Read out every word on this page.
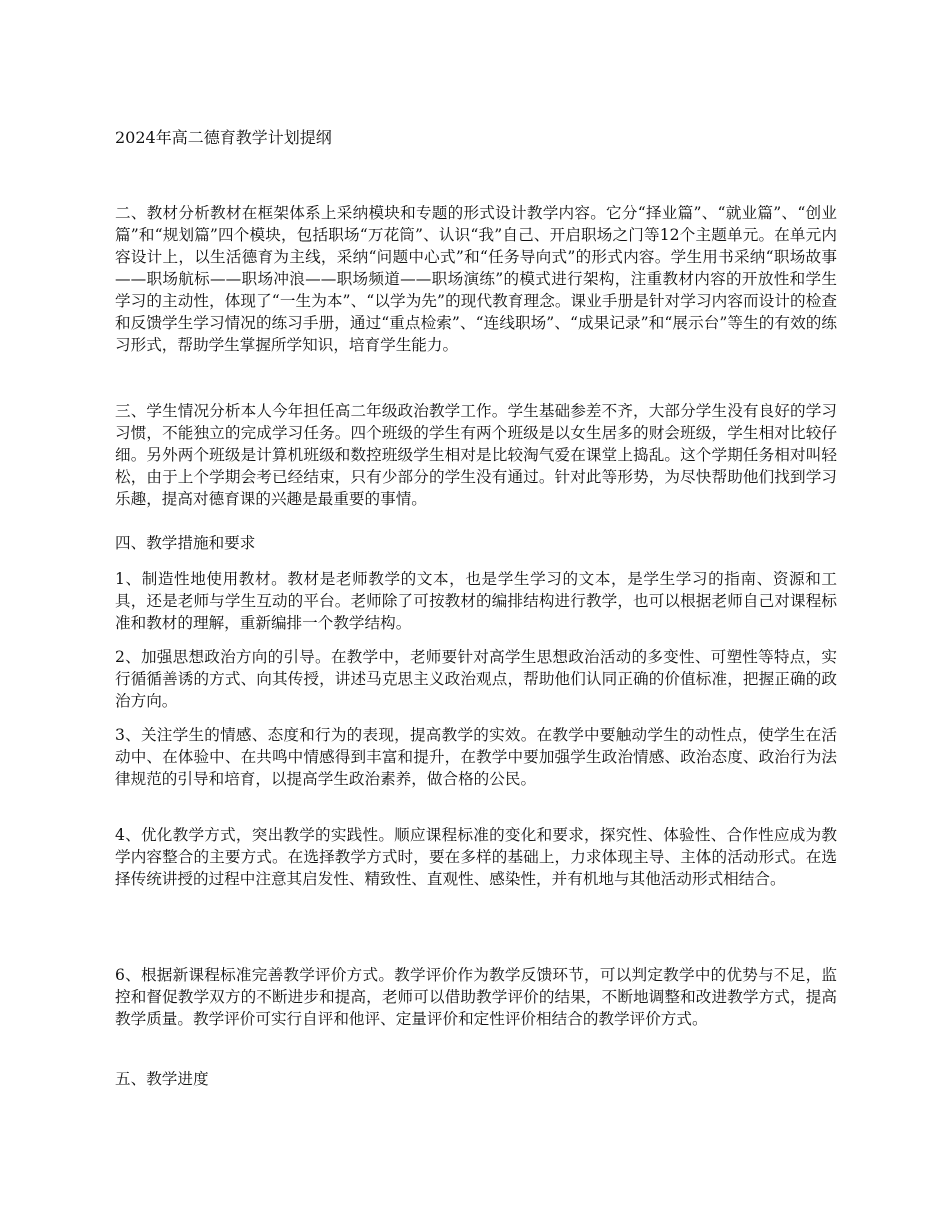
2024年高二德育教学计划提纲

二、教材分析教材在框架体系上采纳模块和专题的形式设计教学内容。它分“择业篇”、“就业篇”、“创业篇”和“规划篇”四个模块，包括职场“万花筒”、认识“我”自己、开启职场之门等12个主题单元。在单元内容设计上，以生活德育为主线，采纳“问题中心式”和“任务导向式”的形式内容。学生用书采纳“职场故事——职场航标——职场冲浪——职场频道——职场演练”的模式进行架构，注重教材内容的开放性和学生学习的主动性，体现了“一生为本”、“以学为先”的现代教育理念。课业手册是针对学习内容而设计的检查和反馈学生学习情况的练习手册，通过“重点检索”、“连线职场”、“成果记录”和“展示台”等生的有效的练习形式，帮助学生掌握所学知识，培育学生能力。

三、学生情况分析本人今年担任高二年级政治教学工作。学生基础参差不齐，大部分学生没有良好的学习习惯，不能独立的完成学习任务。四个班级的学生有两个班级是以女生居多的财会班级，学生相对比较仔细。另外两个班级是计算机班级和数控班级学生相对是比较淘气爱在课堂上捣乱。这个学期任务相对叫轻松，由于上个学期会考已经结束，只有少部分的学生没有通过。针对此等形势，为尽快帮助他们找到学习乐趣，提高对德育课的兴趣是最重要的事情。

四、教学措施和要求

1、制造性地使用教材。教材是老师教学的文本，也是学生学习的文本，是学生学习的指南、资源和工具，还是老师与学生互动的平台。老师除了可按教材的编排结构进行教学，也可以根据老师自己对课程标准和教材的理解，重新编排一个教学结构。

2、加强思想政治方向的引导。在教学中，老师要针对高学生思想政治活动的多变性、可塑性等特点，实行循循善诱的方式、向其传授，讲述马克思主义政治观点，帮助他们认同正确的价值标准，把握正确的政治方向。

3、关注学生的情感、态度和行为的表现，提高教学的实效。在教学中要触动学生的动性点，使学生在活动中、在体验中、在共鸣中情感得到丰富和提升，在教学中要加强学生政治情感、政治态度、政治行为法律规范的引导和培育，以提高学生政治素养，做合格的公民。

4、优化教学方式，突出教学的实践性。顺应课程标准的变化和要求，探究性、体验性、合作性应成为教学内容整合的主要方式。在选择教学方式时，要在多样的基础上，力求体现主导、主体的活动形式。在选择传统讲授的过程中注意其启发性、精致性、直观性、感染性，并有机地与其他活动形式相结合。

6、根据新课程标准完善教学评价方式。教学评价作为教学反馈环节，可以判定教学中的优势与不足，监控和督促教学双方的不断进步和提高，老师可以借助教学评价的结果，不断地调整和改进教学方式，提高教学质量。教学评价可实行自评和他评、定量评价和定性评价相结合的教学评价方式。

五、教学进度
